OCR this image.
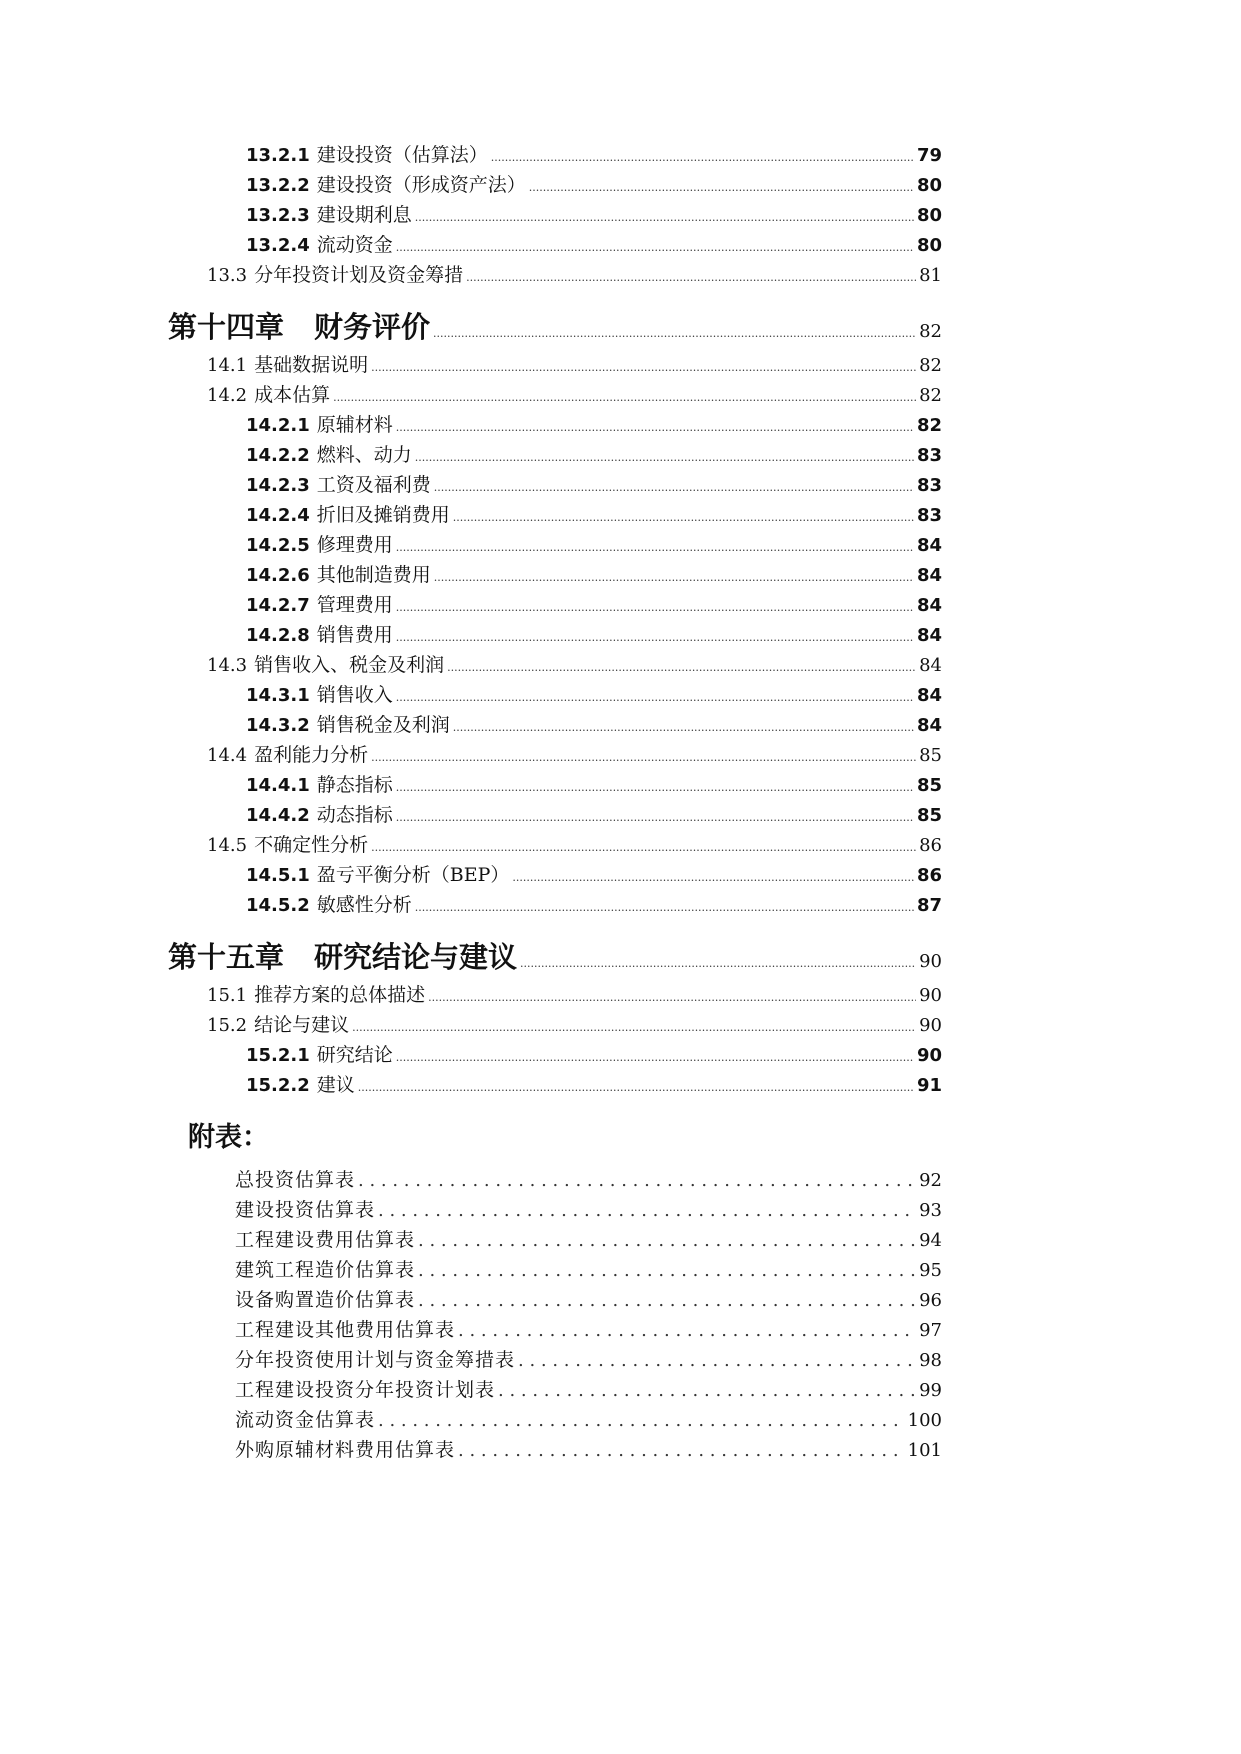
13.2.1 建设投资（估算法） .....	79
13.2.2 建设投资（形成资产法） .....	80
13.2.3 建设期利息 .....	80
13.2.4 流动资金 .....	80
13.3 分年投资计划及资金筹措 .....	81
第十四章 财务评价 .....	82
14.1 基础数据说明 .....	82
14.2 成本估算 .....	82
14.2.1 原辅材料 .....	82
14.2.2 燃料、动力 .....	83
14.2.3 工资及福利费 .....	83
14.2.4 折旧及摊销费用 .....	83
14.2.5 修理费用 .....	84
14.2.6 其他制造费用 .....	84
14.2.7 管理费用 .....	84
14.2.8 销售费用 .....	84
14.3 销售收入、税金及利润 .....	84
14.3.1 销售收入 .....	84
14.3.2 销售税金及利润 .....	84
14.4 盈利能力分析 .....	85
14.4.1 静态指标 .....	85
14.4.2 动态指标 .....	85
14.5 不确定性分析 .....	86
14.5.1 盈亏平衡分析（BEP） .....	86
14.5.2 敏感性分析 .....	87
第十五章 研究结论与建议 .....	90
15.1 推荐方案的总体描述 .....	90
15.2 结论与建议 .....	90
15.2.1 研究结论 .....	90
15.2.2 建议 .....	91
附表：
总投资估算表 . . .	92
建设投资估算表 . . .	93
工程建设费用估算表 . . .	94
建筑工程造价估算表 . . .	95
设备购置造价估算表 . . .	96
工程建设其他费用估算表 . . .	97
分年投资使用计划与资金筹措表 . . .	98
工程建设投资分年投资计划表 . . .	99
流动资金估算表 . . .	100
外购原辅材料费用估算表 . . .	101
